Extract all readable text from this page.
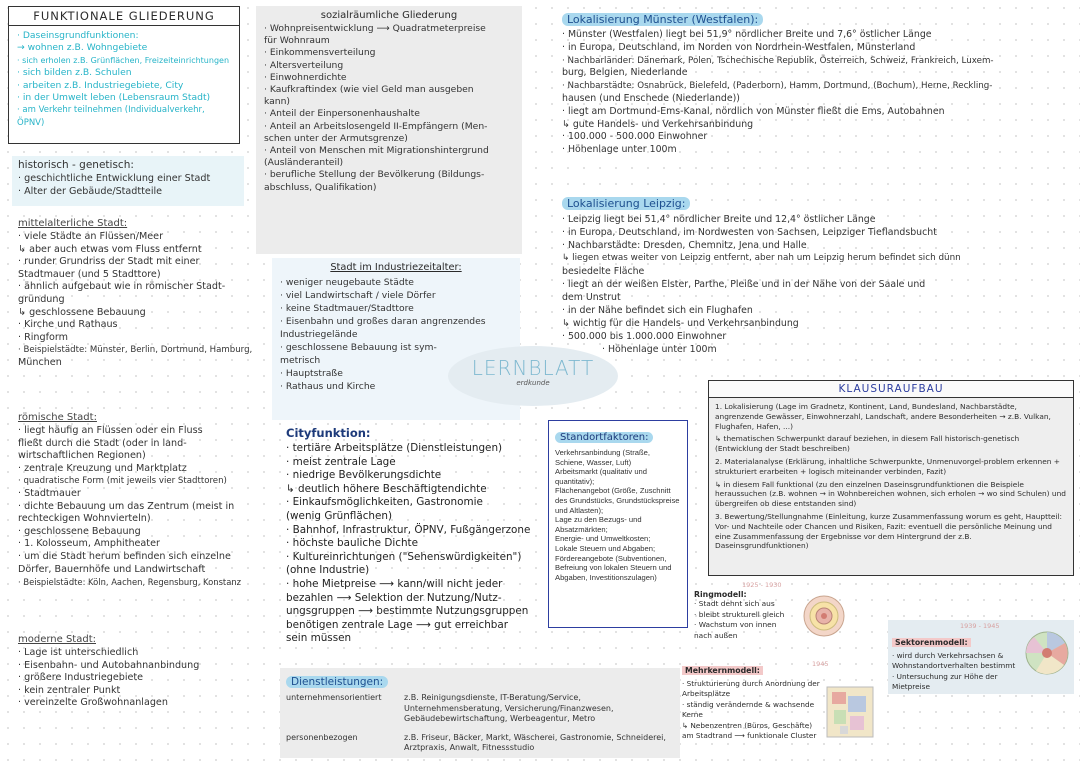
FUNKTIONALE GLIEDERUNG
· Daseinsgrundfunktionen:
→ wohnen z.B. Wohngebiete
· sich erholen z.B. Grünflächen, Freizeiteinrichtungen
· sich bilden z.B. Schulen
· arbeiten z.B. Industriegebiete, City
· in der Umwelt leben (Lebensraum Stadt)
· am Verkehr teilnehmen (Individualverkehr, ÖPNV)
historisch - genetisch:
· geschichtliche Entwicklung einer Stadt
· Alter der Gebäude/Stadtteile
mittelalterliche Stadt:
· viele Städte an Flüssen/Meer
↳ aber auch etwas vom Fluss entfernt
· runder Grundriss der Stadt mit einer
Stadtmauer (und 5 Stadttore)
· ähnlich aufgebaut wie in römischer Stadt-
gründung
↳ geschlossene Bebauung
· Kirche und Rathaus
· Ringform
· Beispielstädte: Münster, Berlin, Dortmund, Hamburg,
München
römische Stadt:
· liegt häufig an Flüssen oder ein Fluss
fließt durch die Stadt (oder in land-
wirtschaftlichen Regionen)
· zentrale Kreuzung und Marktplatz
· quadratische Form (mit jeweils vier Stadttoren)
· Stadtmauer
· dichte Bebauung um das Zentrum (meist in
rechteckigen Wohnvierteln)
· geschlossene Bebauung
· 1. Kolosseum, Amphitheater
· um die Stadt herum befinden sich einzelne
Dörfer, Bauernhöfe und Landwirtschaft
· Beispielstädte: Köln, Aachen, Regensburg, Konstanz
moderne Stadt:
· Lage ist unterschiedlich
· Eisenbahn- und Autobahnanbindung
· größere Industriegebiete
· kein zentraler Punkt
· vereinzelte Großwohnanlagen
sozialräumliche Gliederung
· Wohnpreisentwicklung ⟶ Quadratmeterpreise
für Wohnraum
· Einkommensverteilung
· Altersverteilung
· Einwohnerdichte
· Kaufkraftindex (wie viel Geld man ausgeben
kann)
· Anteil der Einpersonenhaushalte
· Anteil an Arbeitslosengeld II-Empfängern (Men-
schen unter der Armutsgrenze)
· Anteil von Menschen mit Migrationshintergrund
(Ausländeranteil)
· berufliche Stellung der Bevölkerung (Bildungs-
abschluss, Qualifikation)
Stadt im Industriezeitalter:
· weniger neugebaute Städte
· viel Landwirtschaft / viele Dörfer
· keine Stadtmauer/Stadttore
· Eisenbahn und großes daran angrenzendes
Industriegelände
· geschlossene Bebauung ist sym-
metrisch
· Hauptstraße
· Rathaus und Kirche
Cityfunktion:
· tertiäre Arbeitsplätze (Dienstleistungen)
· meist zentrale Lage
· niedrige Bevölkerungsdichte
↳ deutlich höhere Beschäftigtendichte
· Einkaufsmöglichkeiten, Gastronomie
(wenig Grünflächen)
· Bahnhof, Infrastruktur, ÖPNV, Fußgängerzone
· höchste bauliche Dichte
· Kultureinrichtungen ("Sehenswürdigkeiten")
(ohne Industrie)
· hohe Mietpreise ⟶ kann/will nicht jeder
bezahlen ⟶ Selektion der Nutzung/Nutz-
ungsgruppen ⟶ bestimmte Nutzungsgruppen
benötigen zentrale Lage ⟶ gut erreichbar
sein müssen
Dienstleistungen:
unternehmensorientiert	z.B. Reinigungsdienste, IT-Beratung/Service, Unternehmensberatung, Versicherung/Finanzwesen, Gebäudebewirtschaftung, Werbeagentur, Metro
personenbezogen	z.B. Friseur, Bäcker, Markt, Wäscherei, Gastronomie, Schneiderei, Arztpraxis, Anwalt, Fitnessstudio
Lokalisierung Münster (Westfalen):
· Münster (Westfalen) liegt bei 51,9° nördlicher Breite und 7,6° östlicher Länge
· in Europa, Deutschland, im Norden von Nordrhein-Westfalen, Münsterland
· Nachbarländer: Dänemark, Polen, Tschechische Republik, Österreich, Schweiz, Frankreich, Luxem-
burg, Belgien, Niederlande
· Nachbarstädte: Osnabrück, Bielefeld, (Paderborn), Hamm, Dortmund, (Bochum), Herne, Reckling-
hausen (und Enschede (Niederlande))
· liegt am Dortmund-Ems-Kanal, nördlich von Münster fließt die Ems, Autobahnen
↳ gute Handels- und Verkehrsanbindung
· 100.000 - 500.000 Einwohner
· Höhenlage unter 100m
Lokalisierung Leipzig:
· Leipzig liegt bei 51,4° nördlicher Breite und 12,4° östlicher Länge
· in Europa, Deutschland, im Nordwesten von Sachsen, Leipziger Tieflandsbucht
· Nachbarstädte: Dresden, Chemnitz, Jena und Halle
↳ liegen etwas weiter von Leipzig entfernt, aber nah um Leipzig herum befindet sich dünn
besiedelte Fläche
· liegt an der weißen Elster, Parthe, Pleiße und in der Nähe von der Saale und
dem Unstrut
· in der Nähe befindet sich ein Flughafen
↳ wichtig für die Handels- und Verkehrsanbindung
· 500.000 bis 1.000.000 Einwohner
· Höhenlage unter 100m
LERNBLATT
erdkunde	KLAUSURAUFBAU
1. Lokalisierung (Lage im Gradnetz, Kontinent, Land, Bundesland, Nachbarstädte, angrenzende Gewässer, Einwohnerzahl, Landschaft, andere Besonderheiten → z.B. Vulkan, Flughafen, Hafen, ...)
↳ thematischen Schwerpunkt darauf beziehen, in diesem Fall historisch-genetisch (Entwicklung der Stadt beschreiben)
2. Materialanalyse (Erklärung, inhaltliche Schwerpunkte, Unmenuvorgel-problem erkennen + strukturiert erarbeiten + logisch miteinander verbinden, Fazit)
↳ in diesem Fall funktional (zu den einzelnen Daseinsgrundfunktionen die Beispiele heraussuchen (z.B. wohnen → in Wohnbereichen wohnen, sich erholen → wo sind Schulen) und übergreifen ob diese entstanden sind)
3. Bewertung/Stellungnahme (Einleitung, kurze Zusammenfassung worum es geht, Hauptteil: Vor- und Nachteile oder Chancen und Risiken, Fazit: eventuell die persönliche Meinung und eine Zusammenfassung der Ergebnisse vor dem Hintergrund der z.B. Daseinsgrundfunktionen)
Standortfaktoren:
Verkehrsanbindung (Straße, Schiene, Wasser, Luft)
Arbeitsmarkt (qualitativ und quantitativ);
Flächenangebot (Größe, Zuschnitt des Grundstücks, Grundstückspreise und Altlasten);
Lage zu den Bezugs- und Absatzmärkten;
Energie- und Umweltkosten;
Lokale Steuern und Abgaben;
Fördereangebote (Subventionen, Befreiung von lokalen Steuern und Abgaben, Investitionszulagen)
1925 - 1930
Ringmodell:
· Stadt dehnt sich aus
· bleibt strukturell gleich
· Wachstum von innen nach außen
1945
Mehrkernmodell:
· Strukturierung durch Anordnung der Arbeitsplätze
· ständig verändernde & wachsende Kerne
↳ Nebenzentren (Büros, Geschäfte) am Stadtrand ⟶ funktionale Cluster
1939 - 1945
Sektorenmodell:
· wird durch Verkehrsachsen & Wohnstandortverhalten bestimmt
· Untersuchung zur Höhe der Mietpreise
